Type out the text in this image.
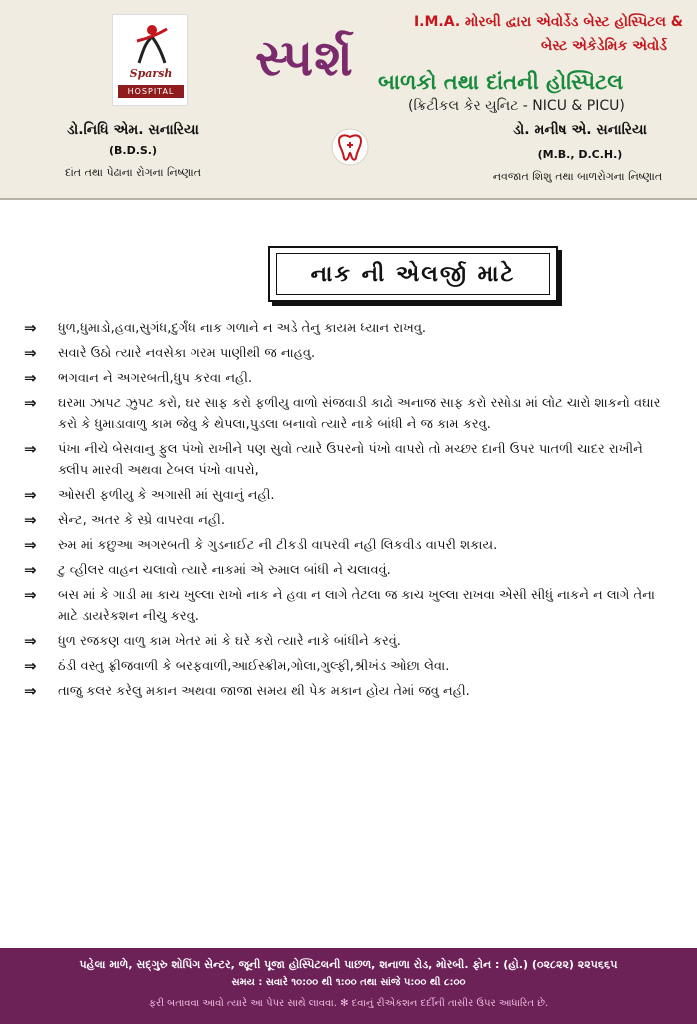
Sparsh
HOSPITAL
સ્પર્શ
I.M.A. મોરબી દ્વારા એવોર્ડેડ બેસ્ટ હોસ્પિટલ &
બેસ્ટ એકેડેમિક એવોર્ડ
બાળકો તથા દાંતની હોસ્પિટલ
(ક્રિટીકલ કેર યુનિટ - NICU & PICU)
ડો.નિધિ એમ. સનારિયા
(B.D.S.)
દાંત તથા પેઢાના રોગના નિષ્ણાત
ડો. મનીષ એ. સનારિયા
(M.B., D.C.H.)
નવજાત શિશુ તથા બાળરોગના નિષ્ણાત
નાક ની એલર્જી માટે
⇒	ધુળ,ધુમાડો,હવા,સુગંધ,દુર્ગંધ નાક ગળાને ન અડે તેનુ કાયમ ધ્યાન રાખવુ.
⇒	સવારે ઉઠો ત્યારે નવસેકા ગરમ પાણીથી જ નાહવુ.
⇒	ભગવાન ને અગરબતી,ધુપ કરવા નહી.
⇒	ઘરમા ઝાપટ ઝુપટ કરો, ઘર સાફ કરો ફળીયુ વાળો સંજવાડી કાઢો અનાજ સાફ કરો રસોડા માં લોટ ચારો શાકનો વઘાર કરો કે ધુમાડાવાળુ કામ જેવુ કે થેપલા,પુડલા બનાવો ત્યારે નાકે બાંધી ને જ કામ કરવુ.
⇒	પંખા નીચે બેસવાનુ ફુલ પંખો રાખીને પણ સુવો ત્યારે ઉપરનો પંખો વાપરો તો મચ્છર દાની ઉપર પાતળી ચાદર રાખીને ક્લીપ મારવી અથવા ટેબલ પંખો વાપરો,
⇒	ઓસરી ફળીયુ કે અગાસી માં સુવાનું નહી.
⇒	સેન્ટ, અતર કે સ્પ્રે વાપરવા નહી.
⇒	રુમ માં કછુઆ અગરબતી કે ગુડનાઈટ ની ટીકડી વાપરવી નહી લિકવીડ વાપરી શકાય.
⇒	ટુ વ્હીલર વાહન ચલાવો ત્યારે નાકમાં એ રુમાલ બાંધી ને ચલાવવું.
⇒	બસ માં કે ગાડી મા કાચ ખુલ્લા રાખો નાક ને હવા ન લાગે તેટલા જ કાચ ખુલ્લા રાખવા એસી સીધું નાકને ન લાગે તેના માટે ડાયરેકશન નીચુ કરવુ.
⇒	ધુળ રજકણ વાળુ કામ ખેતર માં કે ઘરે કરો ત્યારે નાકે બાંધીને કરવું.
⇒	ઠંડી વસ્તુ ફ્રીજવાળી કે બરફવાળી,આઈસ્ક્રીમ,ગોલા,ગુલ્ફી,શ્રીખંડ ઓછા લેવા.
⇒	તાજુ કલર કરેલુ મકાન અથવા જાજા સમય થી પેક મકાન હોય તેમાં જવુ નહી.
પહેલા માળે, સદ્ગુરુ શોપિંગ સેન્ટર, જૂની પૂજા હોસ્પિટલની પાછળ, શનાળા રોડ, મોરબી. ફોન : (હો.) (૦૨૮૨૨) ૨૨૫૬૬૫
સમય : સવારે ૧૦:૦૦ થી ૧:૦૦ તથા સાંજે ૫:૦૦ થી ૮:૦૦
ફરી બતાવવા આવો ત્યારે આ પેપર સાથે લાવવા. ✻ દવાનું રીએકશન દર્દીની તાસીર ઉપર આધારિત છે.
